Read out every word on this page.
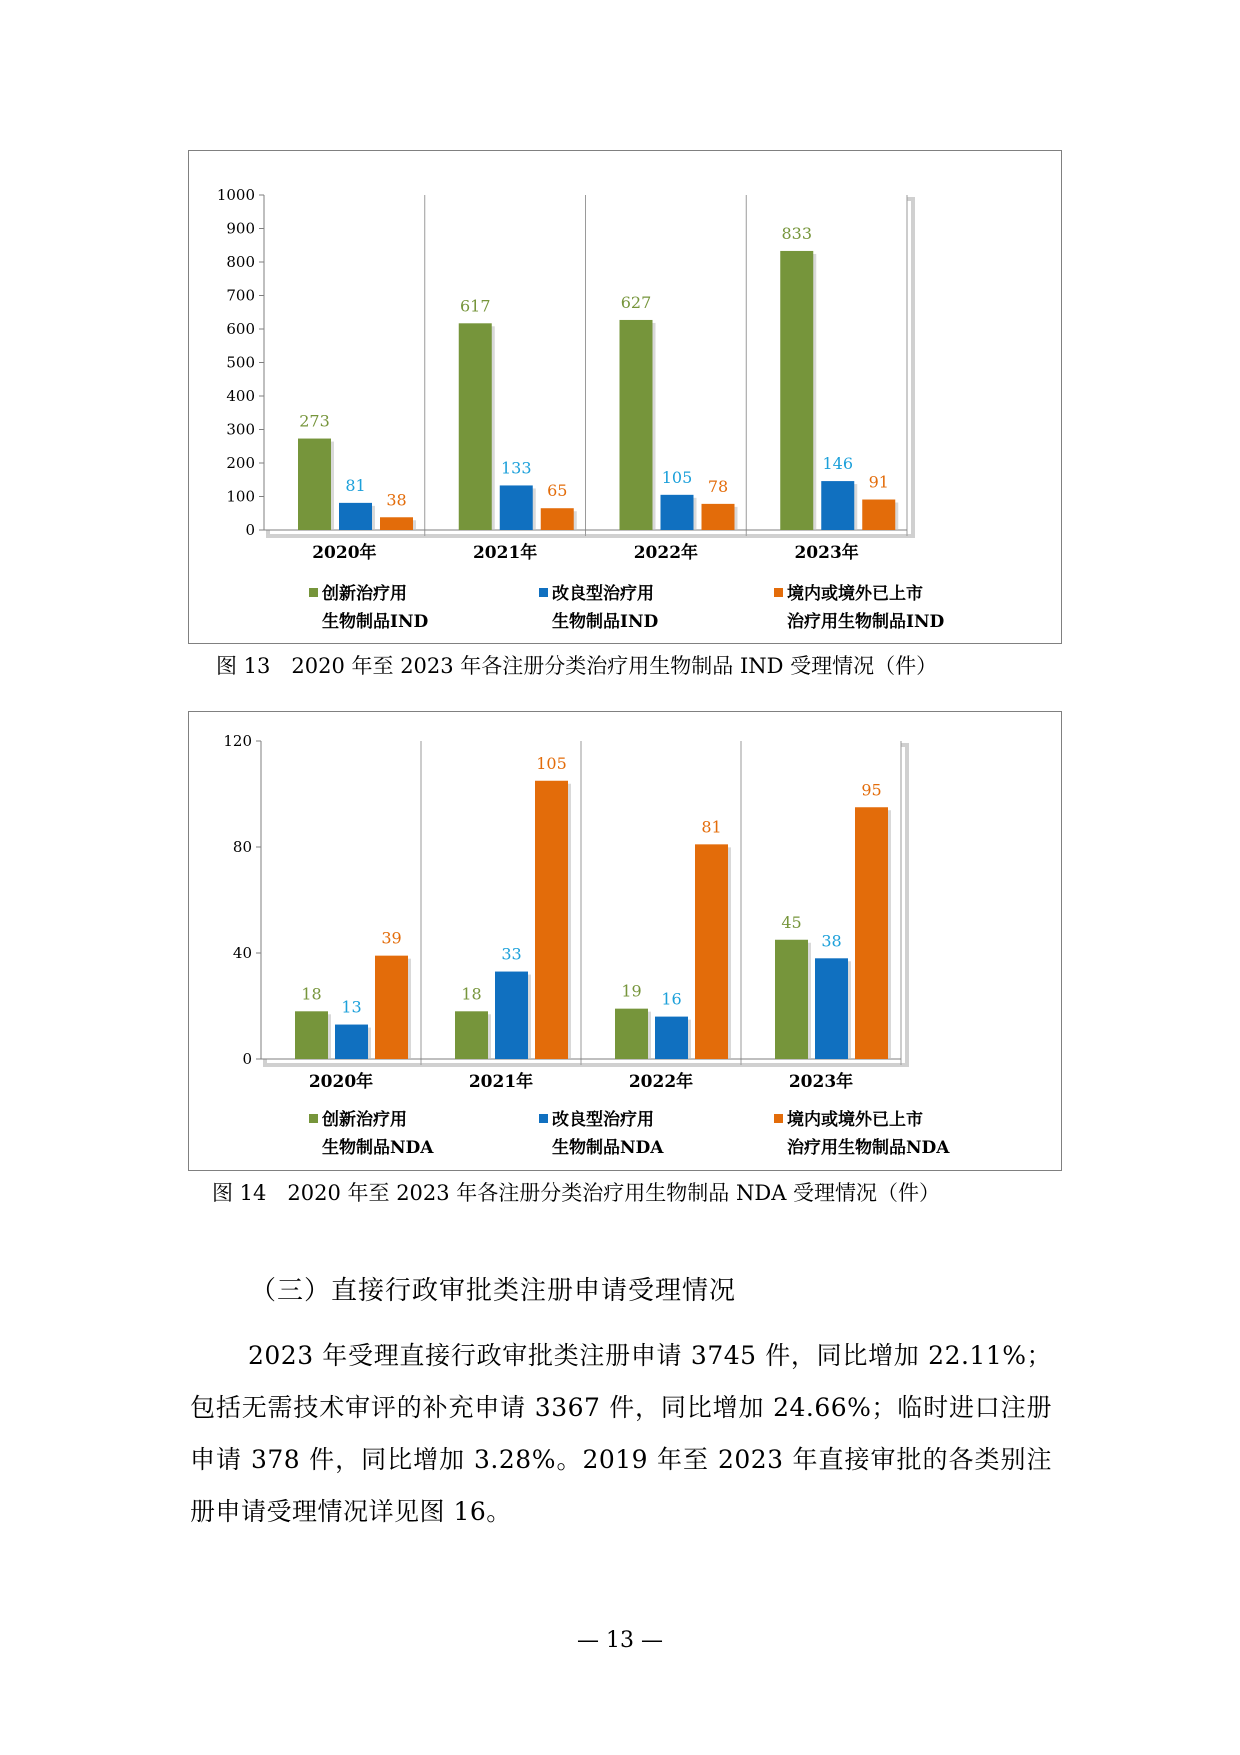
0
100
200
300
400
500
600
700
800
900
1000
273
81
38
2020年
617
133
65
2021年
627
105 78
2022年
833
146
91
2023年
创新治疗用
生物制品IND
改良型治疗用
生物制品IND
境内或境外已上市
治疗用生物制品IND
图 13　2020 年至 2023 年各注册分类治疗用生物制品 IND 受理情况（件）
0
40
80
120
18
13
39
2020年
18
33
105
2021年
19 16
81
2022年
45
38
95
2023年
创新治疗用
生物制品NDA
改良型治疗用
生物制品NDA
境内或境外已上市
治疗用生物制品NDA
图 14　2020 年至 2023 年各注册分类治疗用生物制品 NDA 受理情况（件）
（三）直接行政审批类注册申请受理情况
2023 年受理直接行政审批类注册申请 3745 件，同比增加 22.11%；包括无需技术审评的补充申请 3367 件，同比增加 24.66%；临时进口注册申请 378 件，同比增加 3.28%。2019 年至 2023 年直接审批的各类别注册申请受理情况详见图 16。
— 13 —
